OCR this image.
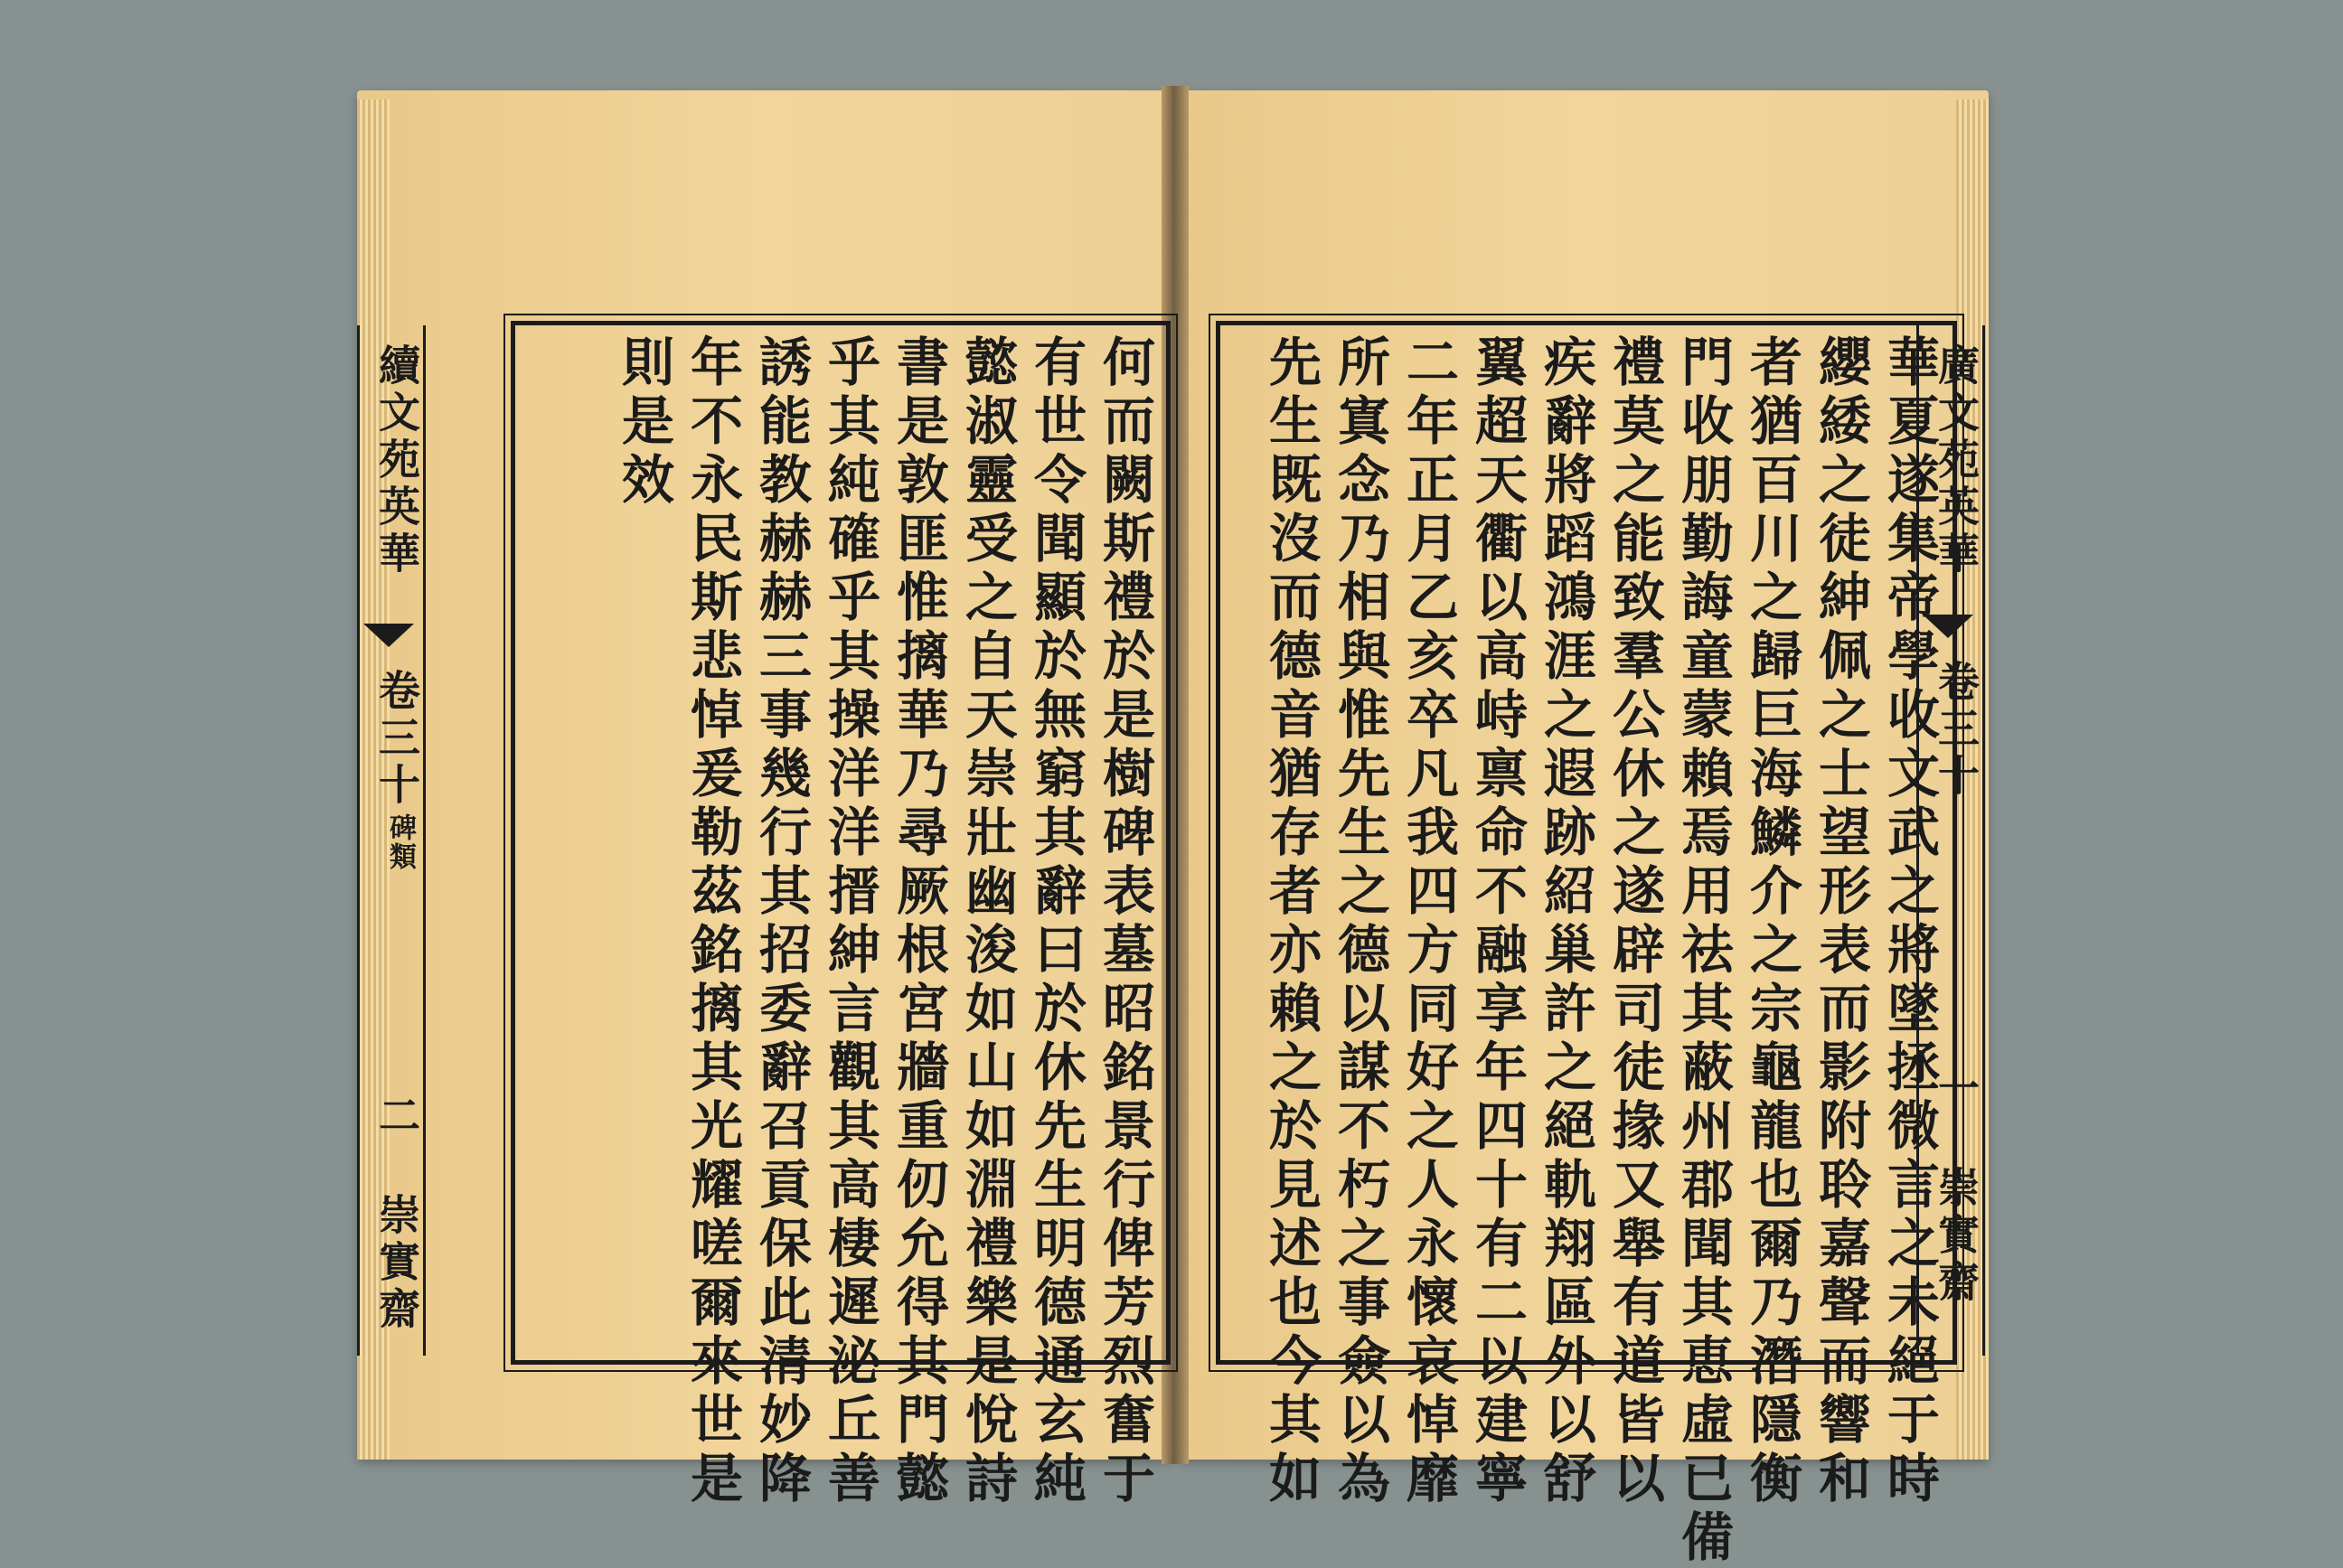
續文苑英華
卷三十
碑類
二
崇實齋	何而闕斯禮於是樹碑表墓昭銘景行俾芳烈奮于
有世令聞顯於無窮其辭曰於休先生明德通玄純
懿淑靈受之自天崇壯幽浚如山如淵禮樂是悅詩
書是敦匪惟摛華乃尋厥根宮牆重仞允得其門懿
乎其純確乎其操洋洋搢紳言觀其高棲遲泌丘善
誘能教赫赫三事幾行其招委辭召貢保此清妙降
年不永民斯悲悼爰勒茲銘摛其光耀嗟爾來世是
則是效	華夏遂集帝學收文武之將墜拯微言之未絕于時
纓緌之徒紳佩之士望形表而影附聆嘉聲而響和
者猶百川之歸巨海鱗介之宗龜龍也爾乃潛隱衡
門收朋勤誨童蒙賴焉用祛其蔽州郡聞其恵虛已備
禮莫之能致羣公休之遂辟司徒掾又舉有道皆以
疾辭將蹈鴻涯之遐跡紹巢許之絕軌翔區外以舒
翼超天衢以高峙禀命不融享年四十有二以建寧
二年正月乙亥卒凡我四方同好之人永懷哀悼靡
所寘念乃相與惟先生之德以謀不朽之事僉以為
先生既沒而德音猶存者亦賴之於見述也今其如	廣文苑英華
卷三十
一
崇實齋
